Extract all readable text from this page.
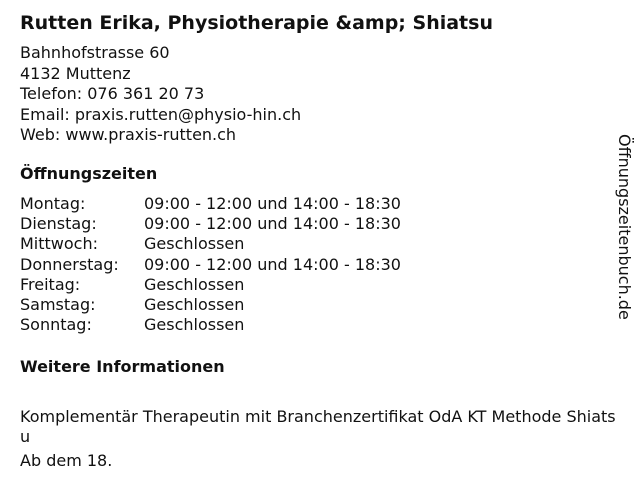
Rutten Erika, Physiotherapie &amp; Shiatsu
Bahnhofstrasse 60
4132 Muttenz
Telefon: 076 361 20 73
Email: praxis.rutten@physio-hin.ch
Web: www.praxis-rutten.ch
Öffnungszeiten
Montag:	09:00 - 12:00 und 14:00 - 18:30
Dienstag:	09:00 - 12:00 und 14:00 - 18:30
Mittwoch:	Geschlossen
Donnerstag:	09:00 - 12:00 und 14:00 - 18:30
Freitag:	Geschlossen
Samstag:	Geschlossen
Sonntag:	Geschlossen

Weitere Informationen

Komplementär Therapeutin mit Branchenzertifikat OdA KT Methode Shiatsu

Ab dem 18.

Öffnungszeitenbuch.de
